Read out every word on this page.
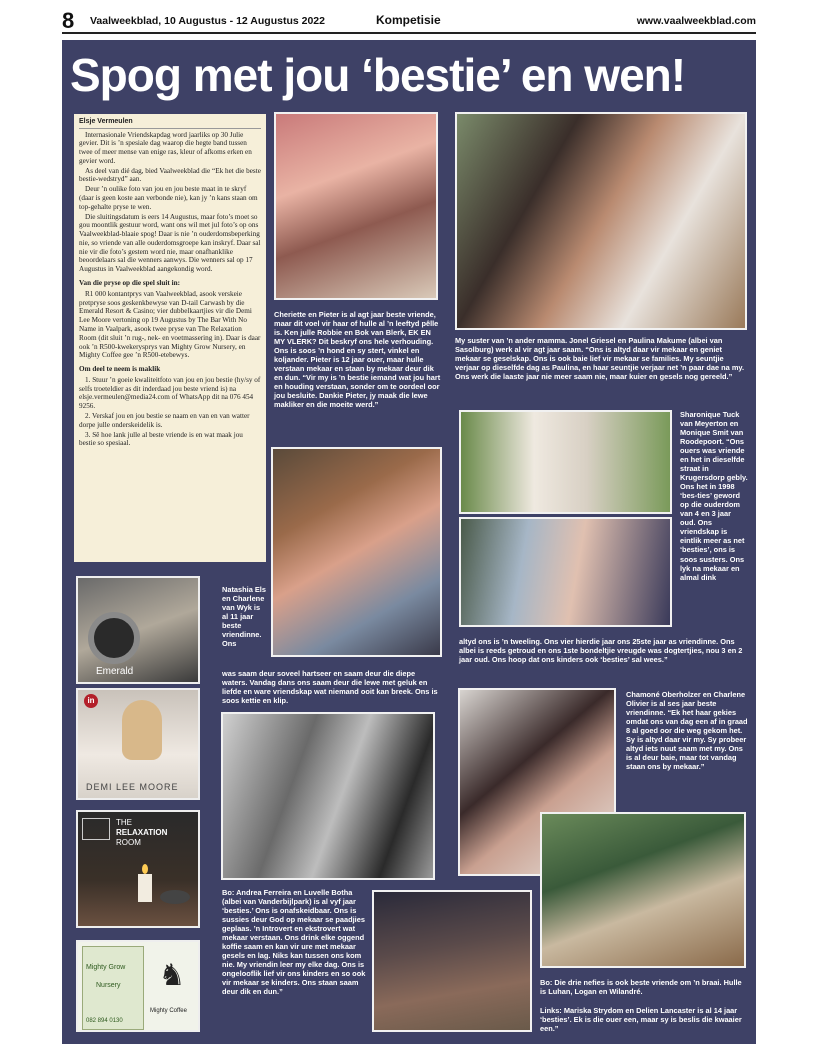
8 Vaalweekblad, 10 Augustus - 12 Augustus 2022	Kompetisie	www.vaalweekblad.com
Spog met jou ‘bestie’ en wen!
Elsje Vermeulen

Internasionale Vriendskapdag word jaarliks op 30 Julie gevier. Dit is ’n spesiale dag waarop die hegte band tussen twee of meer mense van enige ras, kleur of afkoms erken en gevier word.

As deel van dié dag, bied Vaalweekblad die “Ek het die beste bestie-wedstryd” aan.

Deur ’n oulike foto van jou en jou beste maat in te skryf (daar is geen koste aan verbonde nie), kan jy ’n kans staan om top-gehalte pryse te wen.

Die sluitingsdatum is eers 14 Augustus, maar foto’s moet so gou moontlik gestuur word, want ons wil met jul foto’s op ons Vaalweekblad-blaaie spog! Daar is nie ’n ouderdomsbeperking nie, so vriende van alle ouderdomsgroepe kan inskryf. Daar sal nie vir die foto’s gestem word nie, maar onafhanklike beoordelaars sal die wenners aanwys. Die wenners sal op 17 Augustus in Vaalweekblad aangekondig word.

Van die pryse op die spel sluit in:

R1 000 kontantprys van Vaalweekblad, asook verskeie pretpryse soos geskenkbewyse van D-tail Carwash by die Emerald Resort & Casino; vier dubbelkaartjies vir die Demi Lee Moore vertoning op 19 Augustus by The Bar With No Name in Vaalpark, asook twee pryse van The Relaxation Room (dit sluit ’n rug-, nek- en voetmassering in). Daar is daar ook ’n R500-kwekerysprys van Mighty Grow Nursery, en Mighty Coffee gee ’n R500-etebewys.

Om deel te neem is maklik

1. Stuur ’n goeie kwaliteitfoto van jou en jou bestie (hy/sy of selfs troeteldier as dit inderdaad jou beste vriend is) na elsje.vermeulen@media24.com of WhatsApp dit na 076 454 9256.

2. Verskaf jou en jou bestie se naam en van en van watter dorpe julle onderskeidelik is.

3. Sê hoe lank julle al beste vriende is en wat maak jou bestie so spesiaal.

Cheriette en Pieter is al agt jaar beste vriende, maar dit voel vir haar of hulle al ’n leeftyd pêlle is. Ken julle Robbie en Bok van Blerk, EK EN MY VLERK? Dit beskryf ons hele verhouding. Ons is soos ’n hond en sy stert, vinkel en koljander. Pieter is 12 jaar ouer, maar hulle verstaan mekaar en staan by mekaar deur dik en dun. “Vir my is ’n bestie iemand wat jou hart en houding verstaan, sonder om te oordeel oor jou besluite. Dankie Pieter, jy maak die lewe makliker en die moeite werd.”
My suster van ’n ander mamma. Jonel Griesel en Paulina Makume (albei van Sasolburg) werk al vir agt jaar saam. “Ons is altyd daar vir mekaar en geniet mekaar se geselskap. Ons is ook baie lief vir mekaar se families. My seuntjie verjaar op dieselfde dag as Paulina, en haar seuntjie verjaar net ’n paar dae na my. Ons werk die laaste jaar nie meer saam nie, maar kuier en gesels nog gereeld.”
Sharonique Tuck van Meyerton en Monique Smit van Roodepoort. “Ons ouers was vriende en het in dieselfde straat in Krugersdorp gebly. Ons het in 1998 ‘bes-ties’ geword op die ouderdom van 4 en 3 jaar oud. Ons vriendskap is eintlik meer as net ‘besties’, ons is soos susters. Ons lyk na mekaar en almal dink
altyd ons is ’n tweeling. Ons vier hierdie jaar ons 25ste jaar as vriendinne. Ons albei is reeds getroud en ons 1ste bondeltjie vreugde was dogtertjies, nou 3 en 2 jaar oud. Ons hoop dat ons kinders ook ‘besties’ sal wees.”
Natashia Els en Charlene van Wyk is al 11 jaar beste vriendinne. Ons
was saam deur soveel hartseer en saam deur die diepe waters. Vandag dans ons saam deur die lewe met geluk en liefde en ware vriendskap wat niemand ooit kan breek. Ons is soos kettie en klip.
Chamoné Oberholzer en Charlene Olivier is al ses jaar beste vriendinne. “Ek het haar gekies omdat ons van dag een af in graad 8 al goed oor die weg gekom het. Sy is altyd daar vir my. Sy probeer altyd iets nuut saam met my. Ons is al deur baie, maar tot vandag staan ons by mekaar.”
Bo: Andrea Ferreira en Luvelle Botha (albei van Vanderbijlpark) is al vyf jaar ‘besties.’ Ons is onafskeidbaar. Ons is sussies deur God op mekaar se paadjies geplaas. ’n Introvert en ekstrovert wat mekaar verstaan. Ons drink elke oggend koffie saam en kan vir ure met mekaar gesels en lag. Niks kan tussen ons kom nie. My vriendin leer my elke dag. Ons is ongelooflik lief vir ons kinders en so ook vir mekaar se kinders. Ons staan saam deur dik en dun.”
Bo: Die drie nefies is ook beste vriende om ’n braai. Hulle is Luhan, Logan en Wilandré.
Links: Mariska Strydom en Delien Lancaster is al 14 jaar ‘besties’. Ek is die ouer een, maar sy is beslis die kwaaier een.”
Emerald
in
DEMI LEE MOORE
THE
RELAXATION
ROOM
Mighty Grow
Nursery
082 894 0130
♞
Mighty Coffee
